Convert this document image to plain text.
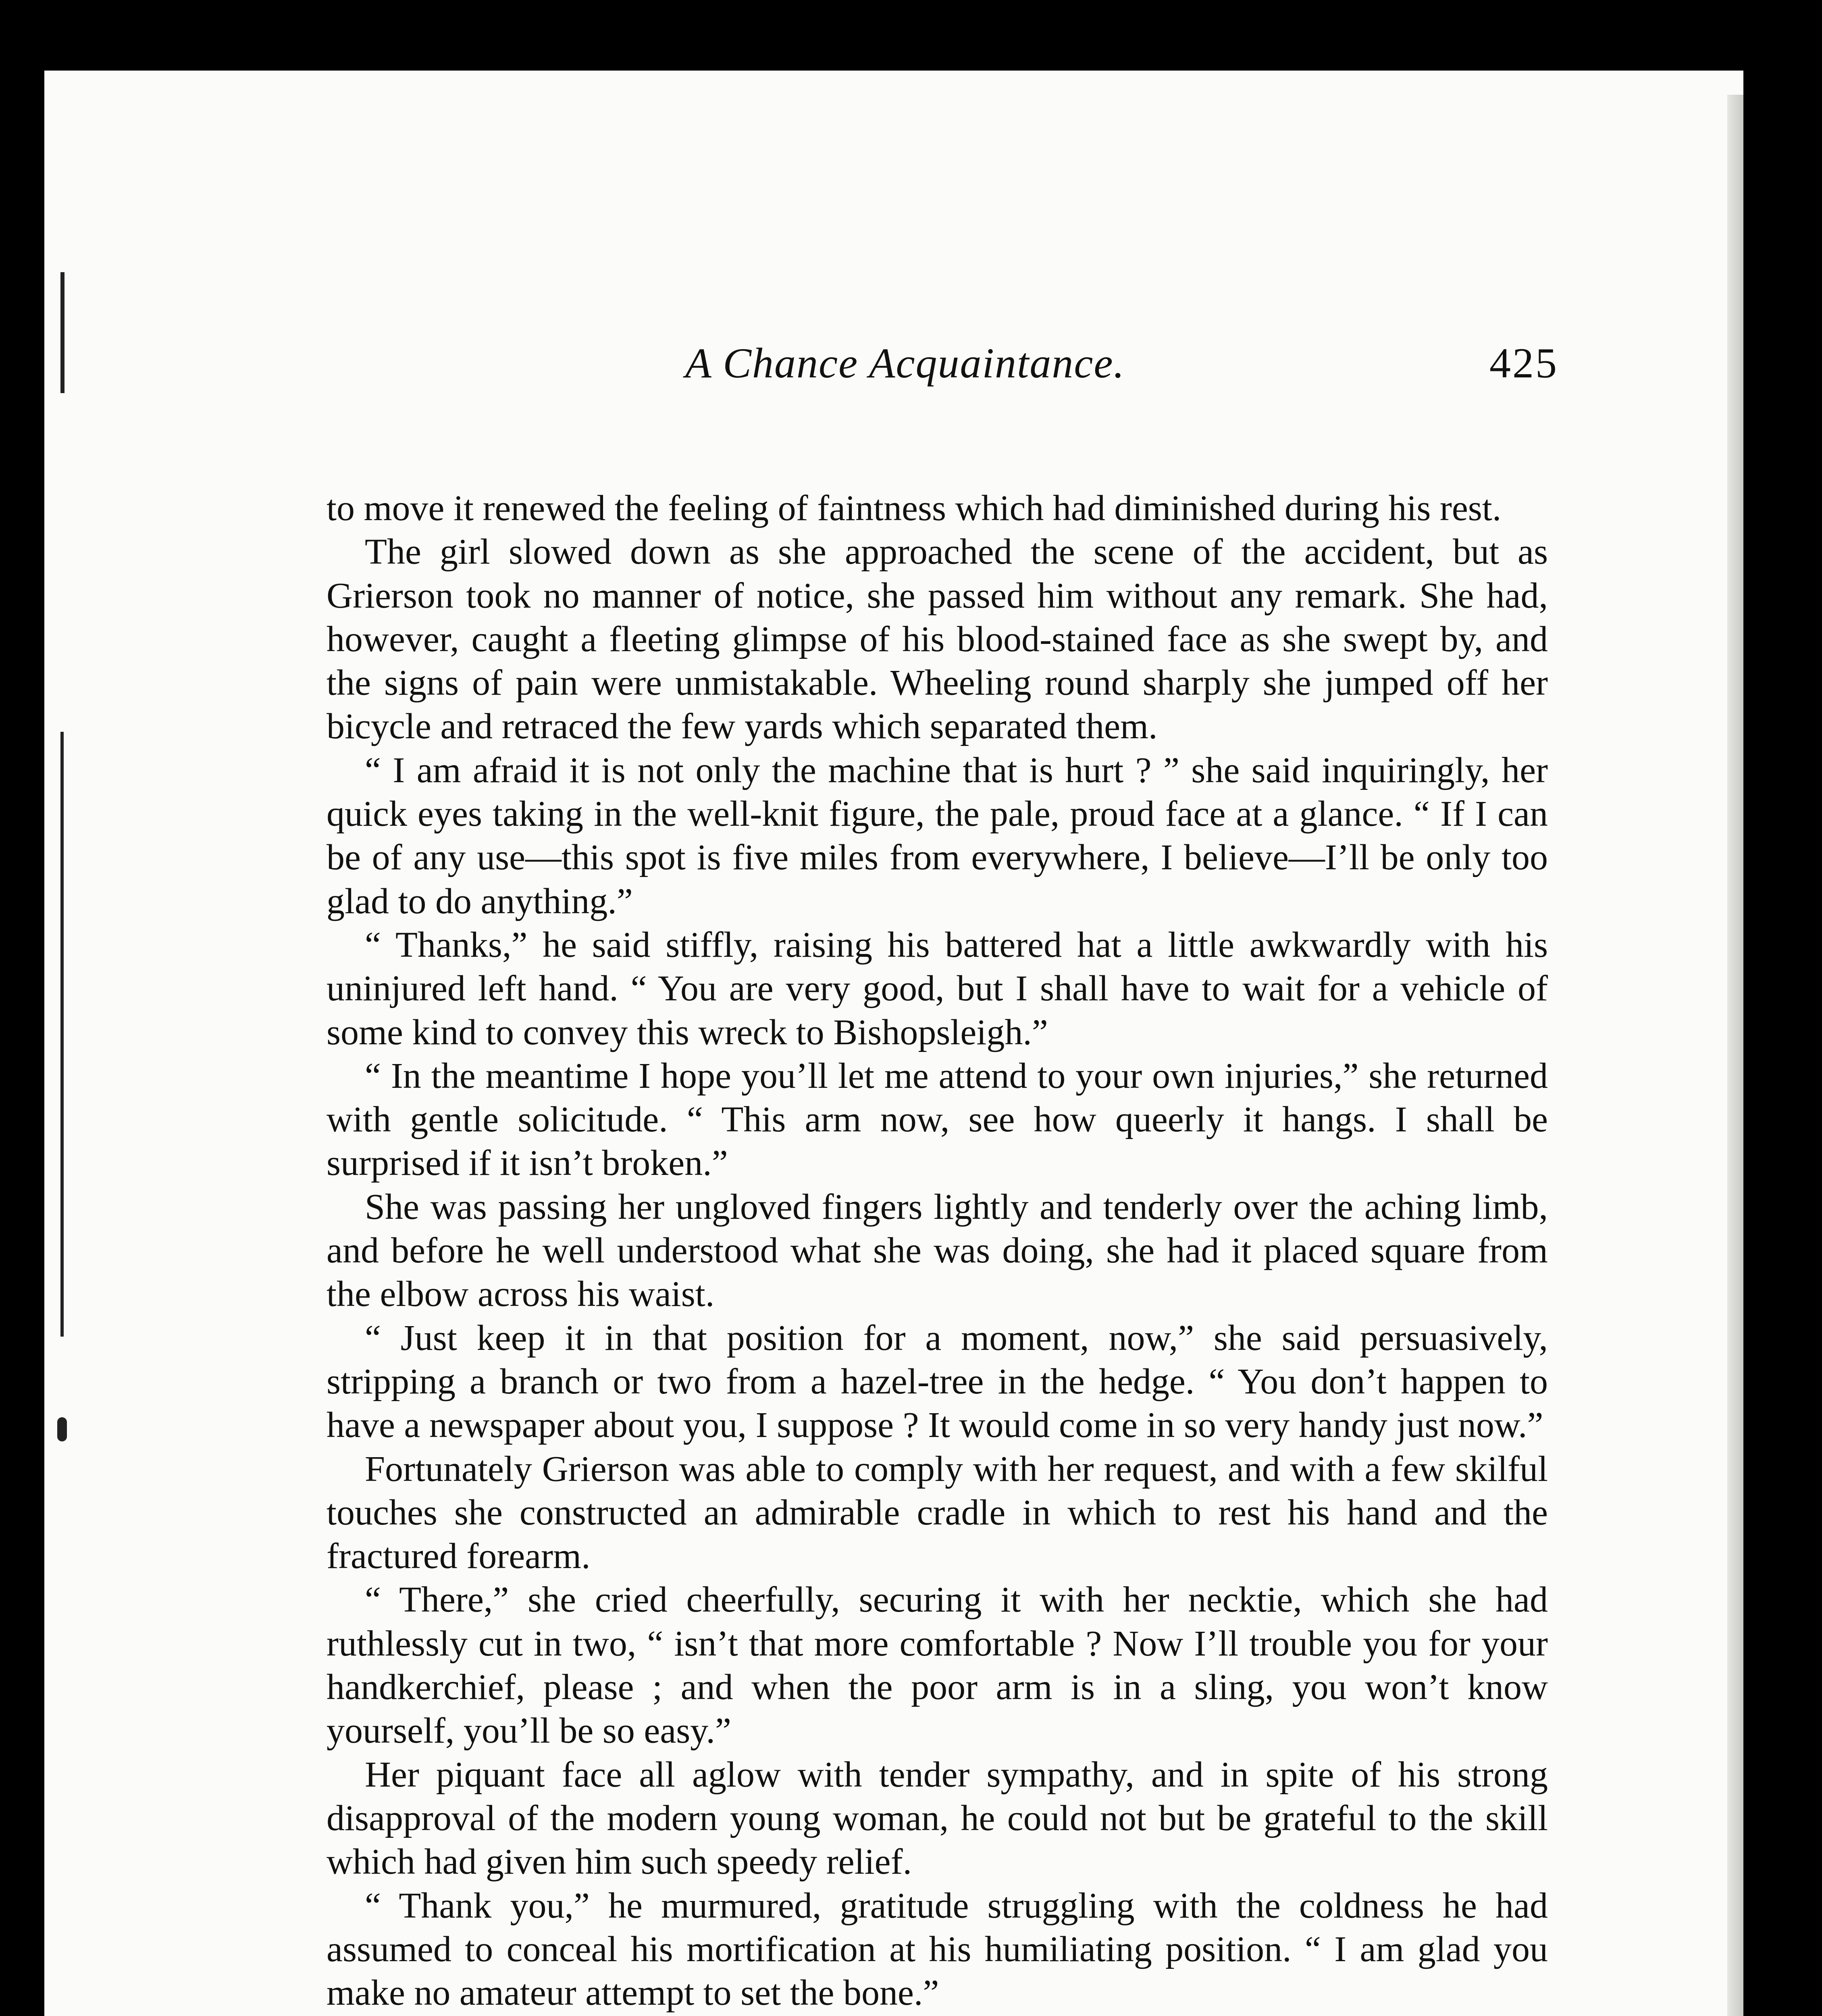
A Chance Acquaintance.	425

to move it renewed the feeling of faintness which had diminished during his rest.

The girl slowed down as she approached the scene of the accident, but as Grierson took no manner of notice, she passed him without any remark. She had, however, caught a fleeting glimpse of his blood-stained face as she swept by, and the signs of pain were unmistakable. Wheeling round sharply she jumped off her bicycle and retraced the few yards which separated them.

“ I am afraid it is not only the machine that is hurt ? ” she said inquiringly, her quick eyes taking in the well-knit figure, the pale, proud face at a glance. “ If I can be of any use—this spot is five miles from everywhere, I believe—I’ll be only too glad to do anything.”

“ Thanks,” he said stiffly, raising his battered hat a little awkwardly with his uninjured left hand. “ You are very good, but I shall have to wait for a vehicle of some kind to convey this wreck to Bishopsleigh.”

“ In the meantime I hope you’ll let me attend to your own injuries,” she returned with gentle solicitude. “ This arm now, see how queerly it hangs. I shall be surprised if it isn’t broken.”

She was passing her ungloved fingers lightly and tenderly over the aching limb, and before he well understood what she was doing, she had it placed square from the elbow across his waist.

“ Just keep it in that position for a moment, now,” she said persuasively, stripping a branch or two from a hazel-tree in the hedge. “ You don’t happen to have a newspaper about you, I suppose ? It would come in so very handy just now.”

Fortunately Grierson was able to comply with her request, and with a few skilful touches she constructed an admirable cradle in which to rest his hand and the fractured forearm.

“ There,” she cried cheerfully, securing it with her necktie, which she had ruthlessly cut in two, “ isn’t that more comfortable ? Now I’ll trouble you for your handkerchief, please ; and when the poor arm is in a sling, you won’t know yourself, you’ll be so easy.”

Her piquant face all aglow with tender sympathy, and in spite of his strong disapproval of the modern young woman, he could not but be grateful to the skill which had given him such speedy relief.

“ Thank you,” he murmured, gratitude struggling with the coldness he had assumed to conceal his mortification at his humiliating position. “ I am glad you make no amateur attempt to set the bone.”
